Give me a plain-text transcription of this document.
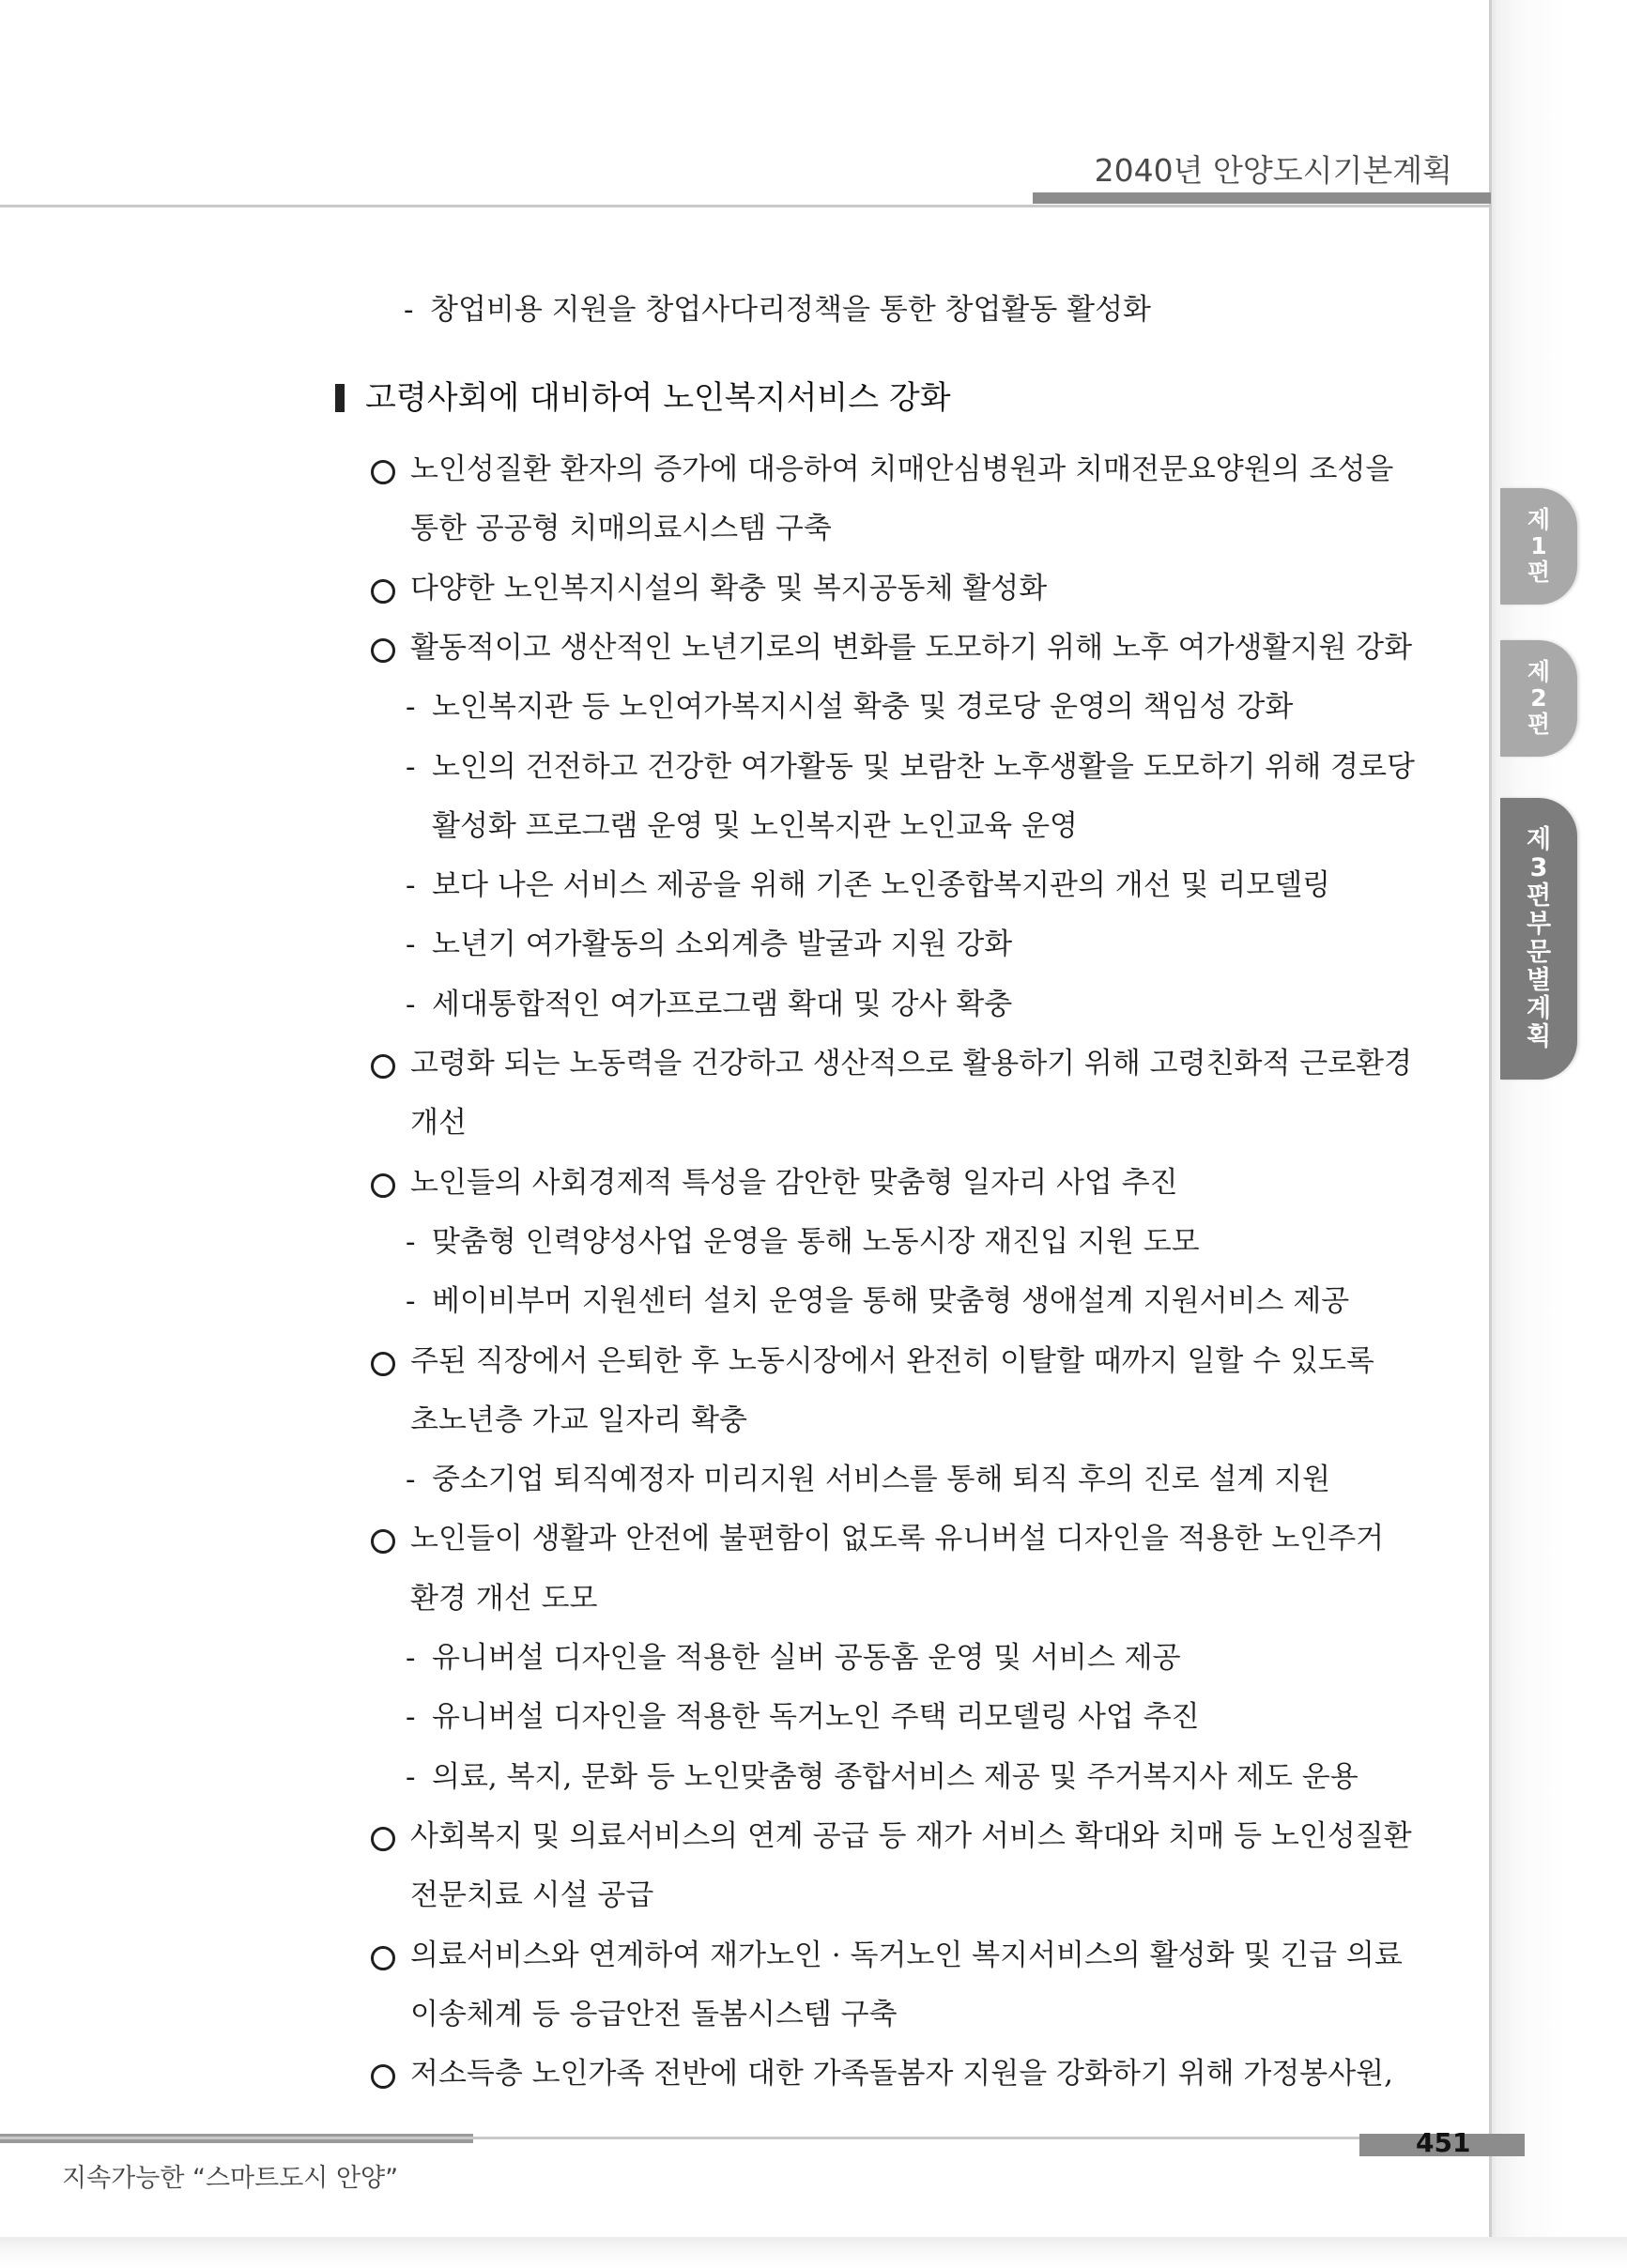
2040년 안양도시기본계획
제
1
편
제
2
편
제
3
편
부
문
별
계
획
- 창업비용 지원을 창업사다리정책을 통한 창업활동 활성화
고령사회에 대비하여 노인복지서비스 강화
노인성질환 환자의 증가에 대응하여 치매안심병원과 치매전문요양원의 조성을
통한 공공형 치매의료시스템 구축
다양한 노인복지시설의 확충 및 복지공동체 활성화
활동적이고 생산적인 노년기로의 변화를 도모하기 위해 노후 여가생활지원 강화
- 노인복지관 등 노인여가복지시설 확충 및 경로당 운영의 책임성 강화
- 노인의 건전하고 건강한 여가활동 및 보람찬 노후생활을 도모하기 위해 경로당
활성화 프로그램 운영 및 노인복지관 노인교육 운영
- 보다 나은 서비스 제공을 위해 기존 노인종합복지관의 개선 및 리모델링
- 노년기 여가활동의 소외계층 발굴과 지원 강화
- 세대통합적인 여가프로그램 확대 및 강사 확충
고령화 되는 노동력을 건강하고 생산적으로 활용하기 위해 고령친화적 근로환경
개선
노인들의 사회경제적 특성을 감안한 맞춤형 일자리 사업 추진
- 맞춤형 인력양성사업 운영을 통해 노동시장 재진입 지원 도모
- 베이비부머 지원센터 설치 운영을 통해 맞춤형 생애설계 지원서비스 제공
주된 직장에서 은퇴한 후 노동시장에서 완전히 이탈할 때까지 일할 수 있도록
초노년층 가교 일자리 확충
- 중소기업 퇴직예정자 미리지원 서비스를 통해 퇴직 후의 진로 설계 지원
노인들이 생활과 안전에 불편함이 없도록 유니버설 디자인을 적용한 노인주거
환경 개선 도모
- 유니버설 디자인을 적용한 실버 공동홈 운영 및 서비스 제공
- 유니버설 디자인을 적용한 독거노인 주택 리모델링 사업 추진
- 의료, 복지, 문화 등 노인맞춤형 종합서비스 제공 및 주거복지사 제도 운용
사회복지 및 의료서비스의 연계 공급 등 재가 서비스 확대와 치매 등 노인성질환
전문치료 시설 공급
의료서비스와 연계하여 재가노인 · 독거노인 복지서비스의 활성화 및 긴급 의료
이송체계 등 응급안전 돌봄시스템 구축
저소득층 노인가족 전반에 대한 가족돌봄자 지원을 강화하기 위해 가정봉사원,
451
지속가능한 “스마트도시 안양”
